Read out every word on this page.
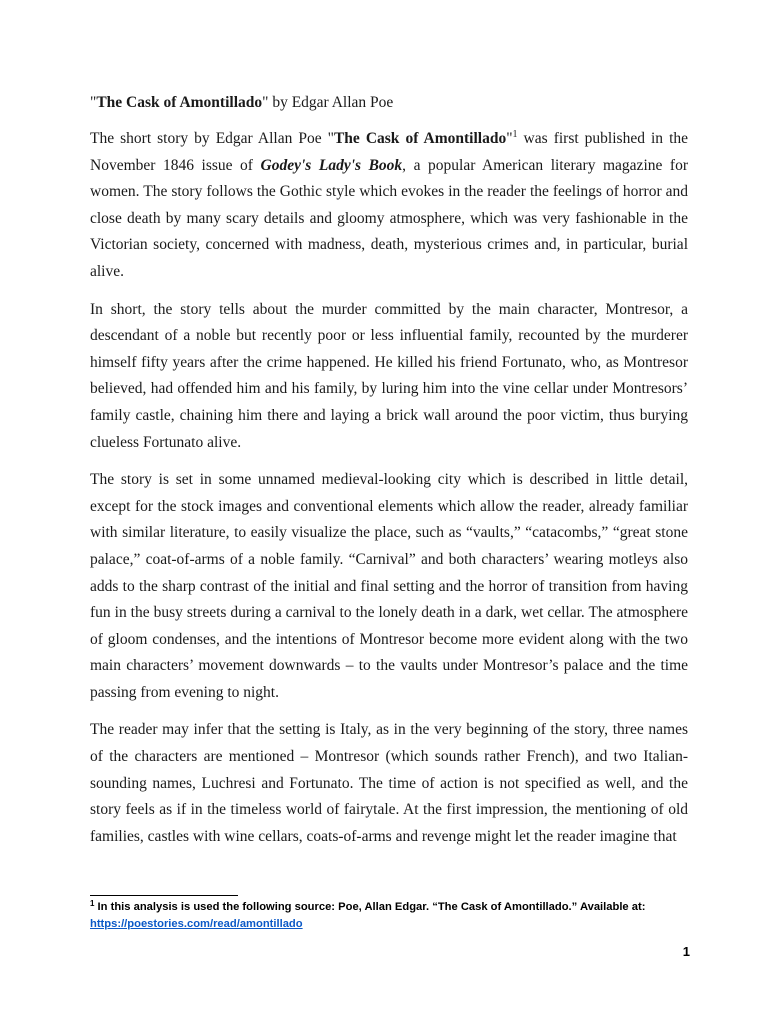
"The Cask of Amontillado" by Edgar Allan Poe

The short story by Edgar Allan Poe "The Cask of Amontillado"$^1$ was first published in the November 1846 issue of Godey's Lady's Book, a popular American literary magazine for women. The story follows the Gothic style which evokes in the reader the feelings of horror and close death by many scary details and gloomy atmosphere, which was very fashionable in the Victorian society, concerned with madness, death, mysterious crimes and, in particular, burial alive.

In short, the story tells about the murder committed by the main character, Montresor, a descendant of a noble but recently poor or less influential family, recounted by the murderer himself fifty years after the crime happened. He killed his friend Fortunato, who, as Montresor believed, had offended him and his family, by luring him into the vine cellar under Montresors’ family castle, chaining him there and laying a brick wall around the poor victim, thus burying clueless Fortunato alive.

The story is set in some unnamed medieval-looking city which is described in little detail, except for the stock images and conventional elements which allow the reader, already familiar with similar literature, to easily visualize the place, such as “vaults,” “catacombs,” “great stone palace,” coat-of-arms of a noble family. “Carnival” and both characters’ wearing motleys also adds to the sharp contrast of the initial and final setting and the horror of transition from having fun in the busy streets during a carnival to the lonely death in a dark, wet cellar. The atmosphere of gloom condenses, and the intentions of Montresor become more evident along with the two main characters’ movement downwards – to the vaults under Montresor’s palace and the time passing from evening to night.

The reader may infer that the setting is Italy, as in the very beginning of the story, three names of the characters are mentioned – Montresor (which sounds rather French), and two Italian-sounding names, Luchresi and Fortunato. The time of action is not specified as well, and the story feels as if in the timeless world of fairytale. At the first impression, the mentioning of old families, castles with wine cellars, coats-of-arms and revenge might let the reader imagine that

$^1$ In this analysis is used the following source: Poe, Allan Edgar. “The Cask of Amontillado.” Available at:
https://poestories.com/read/amontillado
1
